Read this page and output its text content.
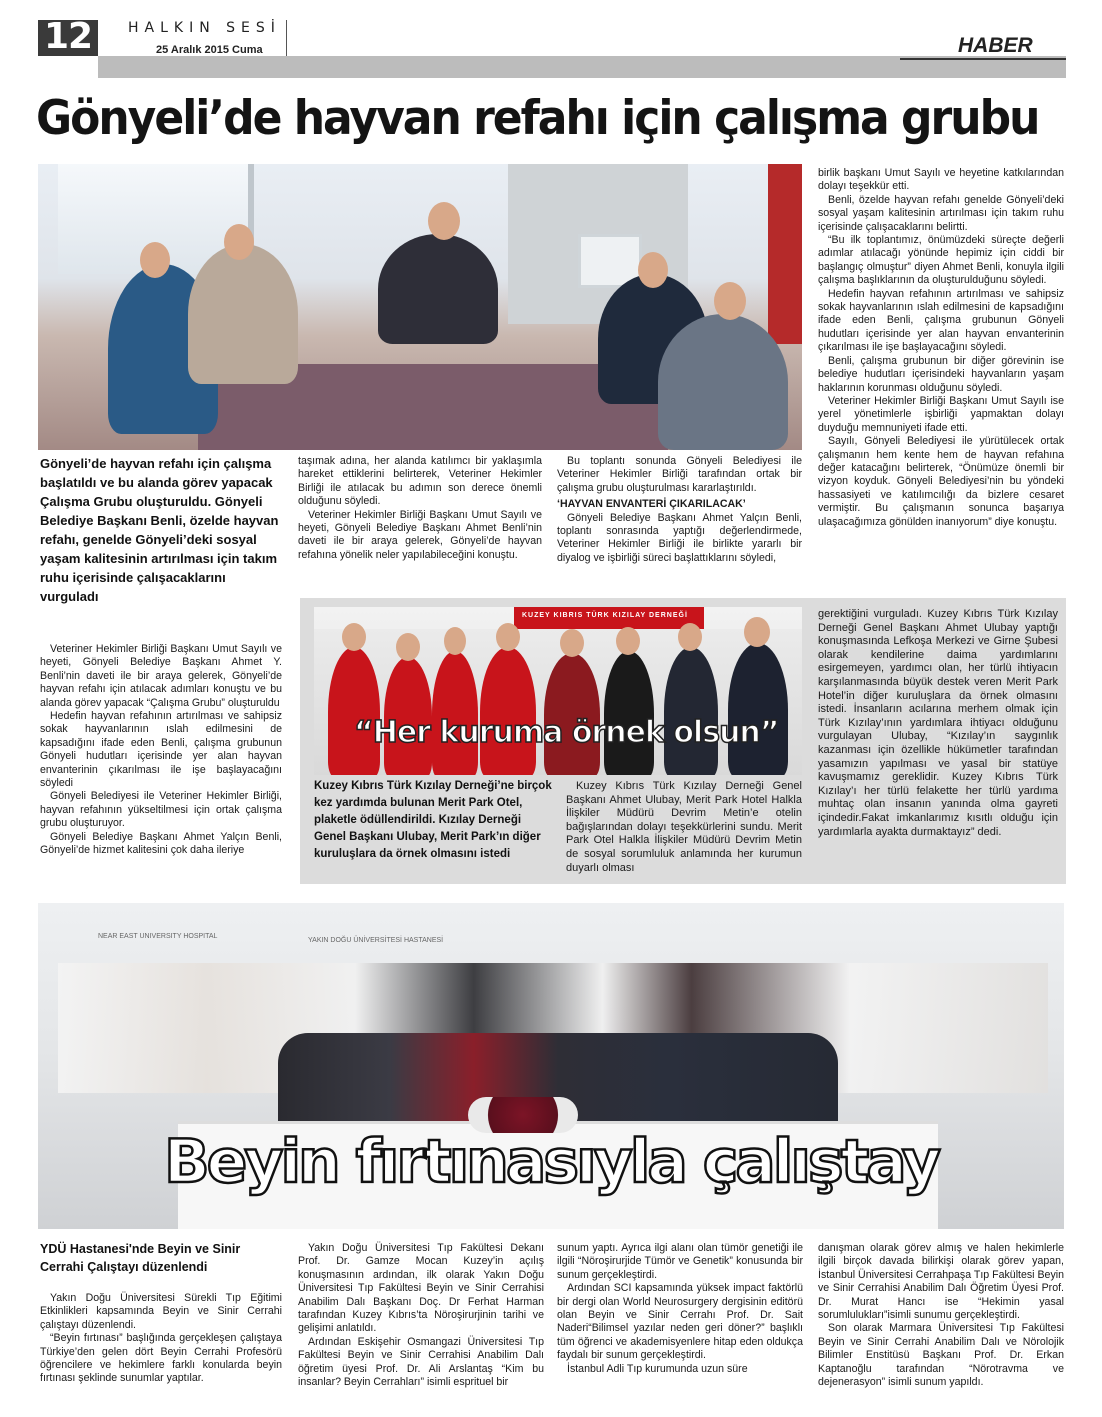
12	HALKIN SESİ
25 Aralık 2015 Cuma	HABER
Gönyeli’de hayvan refahı için çalışma grubu
Gönyeli’de hayvan refahı için çalışma başlatıldı ve bu alanda görev yapacak Çalışma Grubu oluşturuldu. Gönyeli Belediye Başkanı Benli, özelde hayvan refahı, genelde Gönyeli’deki sosyal yaşam kalitesinin artırılması için takım ruhu içerisinde çalışacaklarını vurguladı

Veteriner Hekimler Birliği Başkanı Umut Sayılı ve heyeti, Gönyeli Belediye Başkanı Ahmet Y. Benli’nin daveti ile bir araya gelerek, Gönyeli’de hayvan refahı için atılacak adımları konuştu ve bu alanda görev yapacak “Çalışma Grubu” oluşturuldu

Hedefin hayvan refahının artırılması ve sahipsiz sokak hayvanlarının ıslah edilmesini de kapsadığını ifade eden Benli, çalışma grubunun Gönyeli hudutları içerisinde yer alan hayvan envanterinin çıkarılması ile işe başlayacağını söyledi

Gönyeli Belediyesi ile Veteriner Hekimler Birliği, hayvan refahının yükseltilmesi için ortak çalışma grubu oluşturuyor.

Gönyeli Belediye Başkanı Ahmet Yalçın Benli, Gönyeli’de hizmet kalitesini çok daha ileriye

taşımak adına, her alanda katılımcı bir yaklaşımla hareket ettiklerini belirterek, Veteriner Hekimler Birliği ile atılacak bu adımın son derece önemli olduğunu söyledi.

Veteriner Hekimler Birliği Başkanı Umut Sayılı ve heyeti, Gönyeli Belediye Başkanı Ahmet Benli’nin daveti ile bir araya gelerek, Gönyeli’de hayvan refahına yönelik neler yapılabileceğini konuştu.

Bu toplantı sonunda Gönyeli Belediyesi ile Veteriner Hekimler Birliği tarafından ortak bir çalışma grubu oluşturulması kararlaştırıldı.

‘HAYVAN ENVANTERİ ÇIKARILACAK’

Gönyeli Belediye Başkanı Ahmet Yalçın Benli, toplantı sonrasında yaptığı değerlendirmede, Veteriner Hekimler Birliği ile birlikte yararlı bir diyalog ve işbirliği süreci başlattıklarını söyledi,

birlik başkanı Umut Sayılı ve heyetine katkılarından dolayı teşekkür etti.

Benli, özelde hayvan refahı genelde Gönyeli’deki sosyal yaşam kalitesinin artırılması için takım ruhu içerisinde çalışacaklarını belirtti.

“Bu ilk toplantımız, önümüzdeki süreçte değerli adımlar atılacağı yönünde hepimiz için ciddi bir başlangıç olmuştur” diyen Ahmet Benli, konuyla ilgili çalışma başlıklarının da oluşturulduğunu söyledi.

Hedefin hayvan refahının artırılması ve sahipsiz sokak hayvanlarının ıslah edilmesini de kapsadığını ifade eden Benli, çalışma grubunun Gönyeli hudutları içerisinde yer alan hayvan envanterinin çıkarılması ile işe başlayacağını söyledi.

Benli, çalışma grubunun bir diğer görevinin ise belediye hudutları içerisindeki hayvanların yaşam haklarının korunması olduğunu söyledi.

Veteriner Hekimler Birliği Başkanı Umut Sayılı ise yerel yönetimlerle işbirliği yapmaktan dolayı duyduğu memnuniyeti ifade etti.

Sayılı, Gönyeli Belediyesi ile yürütülecek ortak çalışmanın hem kente hem de hayvan refahına değer katacağını belirterek, “Önümüze önemli bir vizyon koyduk. Gönyeli Belediyesi’nin bu yöndeki hassasiyeti ve katılımcılığı da bizlere cesaret vermiştir. Bu çalışmanın sonunca başarıya ulaşacağımıza gönülden inanıyorum” diye konuştu.

KUZEY KIBRIS TÜRK KIZILAY DERNEĞİ
“Her kuruma örnek olsun”
Kuzey Kıbrıs Türk Kızılay Derneği’ne birçok kez yardımda bulunan Merit Park Otel, plaketle ödüllendirildi. Kızılay Derneği Genel Başkanı Ulubay, Merit Park’ın diğer kuruluşlara da örnek olmasını istedi

Kuzey Kıbrıs Türk Kızılay Derneği Genel Başkanı Ahmet Ulubay, Merit Park Hotel Halkla İlişkiler Müdürü Devrim Metin’e otelin bağışlarından dolayı teşekkürlerini sundu. Merit Park Otel Halkla İlişkiler Müdürü Devrim Metin de sosyal sorumluluk anlamında her kurumun duyarlı olması

gerektiğini vurguladı. Kuzey Kıbrıs Türk Kızılay Derneği Genel Başkanı Ahmet Ulubay yaptığı konuşmasında Lefkoşa Merkezi ve Girne Şubesi olarak kendilerine daima yardımlarını esirgemeyen, yardımcı olan, her türlü ihtiyacın karşılanmasında büyük destek veren Merit Park Hotel’in diğer kuruluşlara da örnek olmasını istedi. İnsanların acılarına merhem olmak için Türk Kızılay’ının yardımlara ihtiyacı olduğunu vurgulayan Ulubay, “Kızılay’ın saygınlık kazanması için özellikle hükümetler tarafından yasamızın yapılması ve yasal bir statüye kavuşmamız gereklidir. Kuzey Kıbrıs Türk Kızılay’ı her türlü felakette her türlü yardıma muhtaç olan insanın yanında olma gayreti içindedir.Fakat imkanlarımız kısıtlı olduğu için yardımlarla ayakta durmaktayız” dedi.

NEAR EAST UNIVERSITY HOSPITAL
YAKIN DOĞU ÜNİVERSİTESİ HASTANESİ
Beyin fırtınasıyla çalıştay
YDÜ Hastanesi'nde Beyin ve Sinir Cerrahi Çalıştayı düzenlendi

Yakın Doğu Üniversitesi Sürekli Tıp Eğitimi Etkinlikleri kapsamında Beyin ve Sinir Cerrahi çalıştayı düzenlendi.

“Beyin fırtınası” başlığında gerçekleşen çalıştaya Türkiye’den gelen dört Beyin Cerrahi Profesörü öğrencilere ve hekimlere farklı konularda beyin fırtınası şeklinde sunumlar yaptılar.

Yakın Doğu Üniversitesi Tıp Fakültesi Dekanı Prof. Dr. Gamze Mocan Kuzey’in açılış konuşmasının ardından, ilk olarak Yakın Doğu Üniversitesi Tıp Fakültesi Beyin ve Sinir Cerrahisi Anabilim Dalı Başkanı Doç. Dr Ferhat Harman tarafından Kuzey Kıbrıs’ta Nöroşirurjinin tarihi ve gelişimi anlatıldı.

Ardından Eskişehir Osmangazi Üniversitesi Tıp Fakültesi Beyin ve Sinir Cerrahisi Anabilim Dalı öğretim üyesi Prof. Dr. Ali Arslantaş “Kim bu insanlar? Beyin Cerrahları” isimli esprituel bir

sunum yaptı. Ayrıca ilgi alanı olan tümör genetiği ile ilgili “Nöroşirurjide Tümör ve Genetik” konusunda bir sunum gerçekleştirdi.

Ardından SCI kapsamında yüksek impact faktörlü bir dergi olan World Neurosurgery dergisinin editörü olan Beyin ve Sinir Cerrahı Prof. Dr. Sait Naderi“Bilimsel yazılar neden geri döner?” başlıklı tüm öğrenci ve akademisyenlere hitap eden oldukça faydalı bir sunum gerçekleştirdi.

İstanbul Adli Tıp kurumunda uzun süre

danışman olarak görev almış ve halen hekimlerle ilgili birçok davada bilirkişi olarak görev yapan, İstanbul Üniversitesi Cerrahpaşa Tıp Fakültesi Beyin ve Sinir Cerrahisi Anabilim Dalı Öğretim Üyesi Prof. Dr. Murat Hancı ise “Hekimin yasal sorumlulukları”isimli sunumu gerçekleştirdi.

Son olarak Marmara Üniversitesi Tıp Fakültesi Beyin ve Sinir Cerrahi Anabilim Dalı ve Nörolojik Bilimler Enstitüsü Başkanı Prof. Dr. Erkan Kaptanoğlu tarafından “Nörotravma ve dejenerasyon” isimli sunum yapıldı.
